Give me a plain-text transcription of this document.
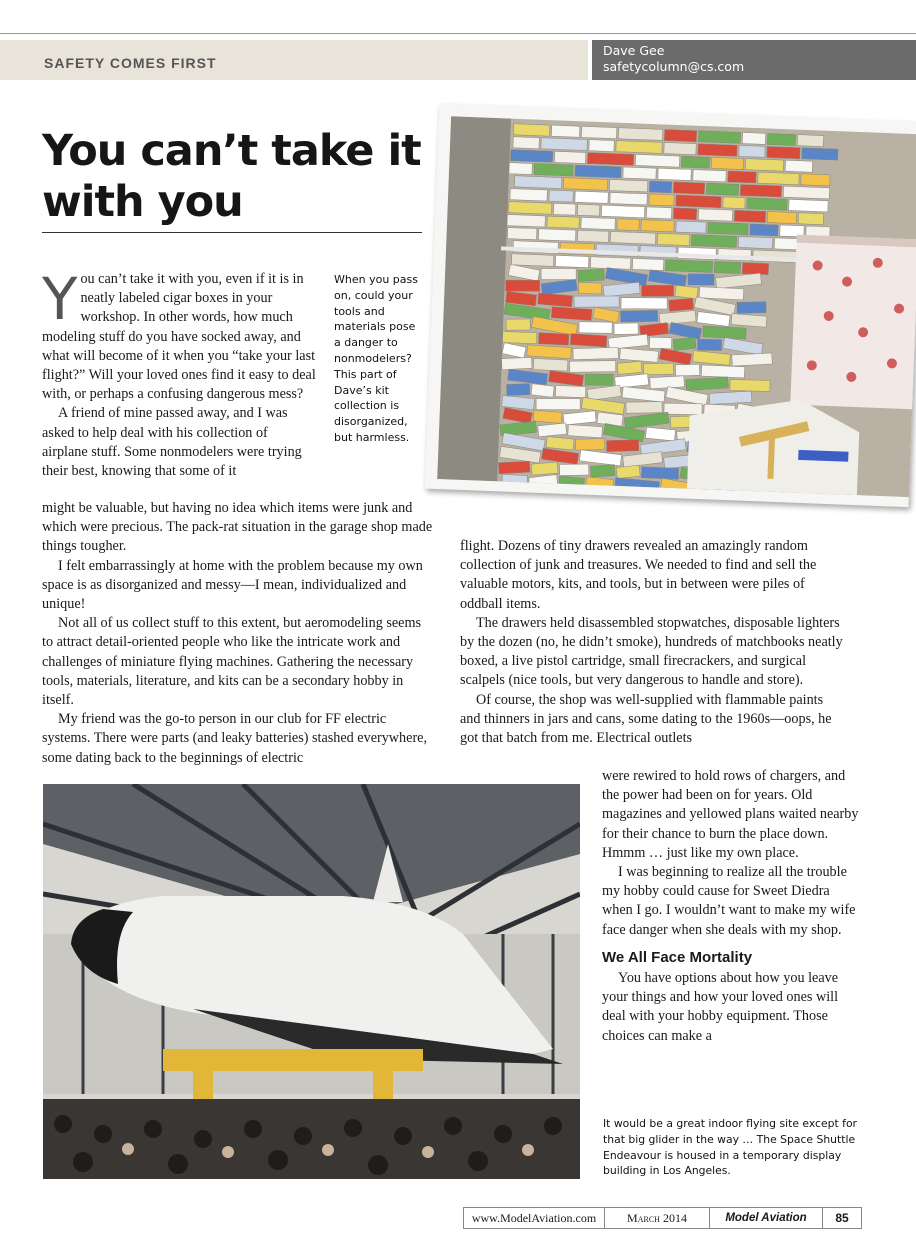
SAFETY COMES FIRST
Dave Gee
safetycolumn@cs.com
You can’t take it with you

You can’t take it with you, even if it is in neatly labeled cigar boxes in your workshop. In other words, how much modeling stuff do you have socked away, and what will become of it when you “take your last flight?” Will your loved ones find it easy to deal with, or perhaps a confusing dangerous mess?

A friend of mine passed away, and I was asked to help deal with his collection of airplane stuff. Some nonmodelers were trying their best, knowing that some of it

When you pass on, could your tools and materials pose a danger to nonmodelers? This part of Dave’s kit collection is disorganized, but harmless.

might be valuable, but having no idea which items were junk and which were precious. The pack-rat situation in the garage shop made things tougher.

I felt embarrassingly at home with the problem because my own space is as disorganized and messy—I mean, individualized and unique!

Not all of us collect stuff to this extent, but aeromodeling seems to attract detail-oriented people who like the intricate work and challenges of miniature flying machines. Gathering the necessary tools, materials, literature, and kits can be a secondary hobby in itself.

My friend was the go-to person in our club for FF electric systems. There were parts (and leaky batteries) stashed everywhere, some dating back to the beginnings of electric

flight. Dozens of tiny drawers revealed an amazingly random collection of junk and treasures. We needed to find and sell the valuable motors, kits, and tools, but in between were piles of oddball items.

The drawers held disassembled stopwatches, disposable lighters by the dozen (no, he didn’t smoke), hundreds of matchbooks neatly boxed, a live pistol cartridge, small firecrackers, and surgical scalpels (nice tools, but very dangerous to handle and store).

Of course, the shop was well-supplied with flammable paints and thinners in jars and cans, some dating to the 1960s—oops, he got that batch from me. Electrical outlets

were rewired to hold rows of chargers, and the power had been on for years. Old magazines and yellowed plans waited nearby for their chance to burn the place down. Hmmm … just like my own place.

I was beginning to realize all the trouble my hobby could cause for Sweet Diedra when I go. I wouldn’t want to make my wife face danger when she deals with my shop.

We All Face Mortality

You have options about how you leave your things and how your loved ones will deal with your hobby equipment. Those choices can make a

It would be a great indoor flying site except for that big glider in the way … The Space Shuttle Endeavour is housed in a temporary display building in Los Angeles.
www.ModelAviation.com	March 2014	Model Aviation	85
